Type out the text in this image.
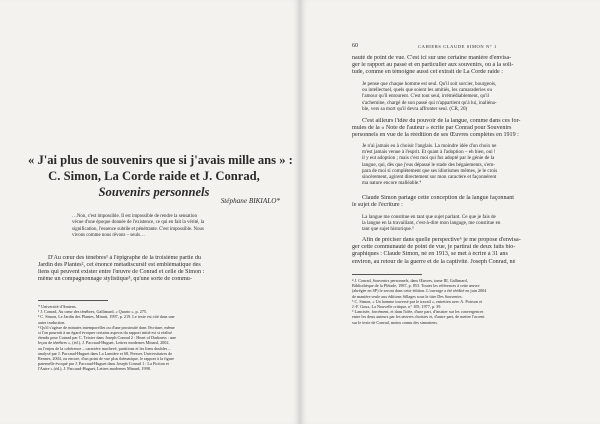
« J'ai plus de souvenirs que si j'avais mille ans » :
C. Simon, La Corde raide et J. Conrad,
Souvenirs personnels
Stéphane BIKIALO*
…Non, c'est impossible. Il est impossible de rendre la sensation
vécue d'une époque donnée de l'existence, ce qui en fait la vérité, la
signification, l'essence subtile et pénétrante. C'est impossible. Nous
vivons comme nous rêvons – seuls…
D'Au cœur des ténèbres¹ à l'épigraphe de la troisième partie du
Jardin des Plantes², cet énoncé métadiscursif est emblématique des
liens qui peuvent exister entre l'œuvre de Conrad et celle de Simon :
même un compagnonnage stylistique³, qu'une sorte de commu-
* Université d'Amiens.
¹ J. Conrad, Au cœur des ténèbres, Gallimard, « Quarto », p. 275.
² C. Simon, Le Jardin des Plantes, Minuit, 1997, p. 219. Le texte est cité dans une
autre traduction.
³ Qu'il s'agisse de minutes intemporelles ou d'une proximité dans l'écriture, même
si l'on pourrait à un égard évoquer certains aspects du rapport initié est si réalisé
étendu pour Conrad par C. Teixier dans Joseph Conrad 2 : Heart of Darkness : une
leçon de ténèbres », (éd.), J. Paccaud-Huguet, Lettres modernes Minard, 2002,
ou l'enjeu de la cohérence – caractère inachevé, partitions et les liens doubles –
analysé par J. Paccaud-Huguet dans La Lumière et 68, Presses Universitaires de
Rennes, 2004, ou encore, d'un point de vue plus thématique, le rapport à la figure
paternelle évoqué par J. Paccaud-Huguet dans Joseph Conrad 1 : La Fiction et
l'Autre » (éd.), J. Paccaud-Huguet, Lettres modernes Minard, 1998.
60	CAHIERS CLAUDE SIMON N° 1
nauté de point de vue. C'est ici sur une certaine manière d'envisa-
ger le rapport au passé et en particulier aux souvenirs, où à la soli-
tude, comme en témoigne aussi cet extrait de La Corde raide :
Je pense que chaque homme est seul. Qu'il soit sorcier, bourgeois,
ou intellectuel, quels que soient les amitiés, les camaraderies ou
l'amour qu'il entourent. C'est tout seul, irrémédiablement, qu'il
s'achemine, chargé de son passé qui n'appartient qu'à lui, inaliéna-
ble, vers sa mort qu'il devra affronter seul. (CR, 20)
C'est ailleurs l'idée du pouvoir de la langue, comme dans ces for-
mules de la « Note de l'auteur » écrite par Conrad pour Souvenirs
personnels en vue de la réédition de ses Œuvres complètes en 1919 :
Je n'ai jamais eu à choisir l'anglais. La moindre idée d'un choix ne
m'est jamais venue à l'esprit. Et quant à l'adoption – eh bien, oui !
il y eut adoption ; mais c'est moi qui fus adopté par le génie de la
langue, qui, dès que j'eus dépassé le stade des bégaiements, s'em-
para de moi si complètement que ses idiotismes mêmes, je le crois
sincèrement, agirent directement sur mon caractère et façonnèrent
ma nature encore malléable.⁴
Claude Simon partage cette conception de la langue façonnant
le sujet de l'écriture :
La langue me constitue en tant que sujet parlant. Ce que je fais de
la langue en la travaillant, c'est-à-dire mon langage, me constitue en
tant que sujet historique.⁵
Afin de préciser dans quelle perspective⁶ je me propose d'envisa-
ger cette communauté de point de vue, je partirai de deux faits bio-
graphiques : Claude Simon, né en 1913, se met à écrire à 31 ans
environ, au retour de la guerre et de la captivité. Joseph Conrad, né
⁴ J. Conrad, Souvenirs personnels, dans Œuvres, tome III, Gallimard,
Bibliothèque de la Pléiade, 1987, p. 853. Toutes les références à cette œuvre
(abrégée en SP) le seront dans cette édition. L'ouvrage a été réédité en juin 2004
de manière seule aux éditions Sillages sous le titre Des Souvenirs.
⁵ C. Simon, « Un homme traversé par le travail », entretien avec A. Poirson et
J.-F. Goux, La Nouvelle critique, n° 105, 1977, p. 39.
⁶ Lancisée, forcément, et dans l'idée, d'une part, d'insister sur les convergences
entre les deux auteurs par les œuvres choisies et, d'autre part, de mettre l'accent
sur le texte de Conrad, moins connu des simoniens.
